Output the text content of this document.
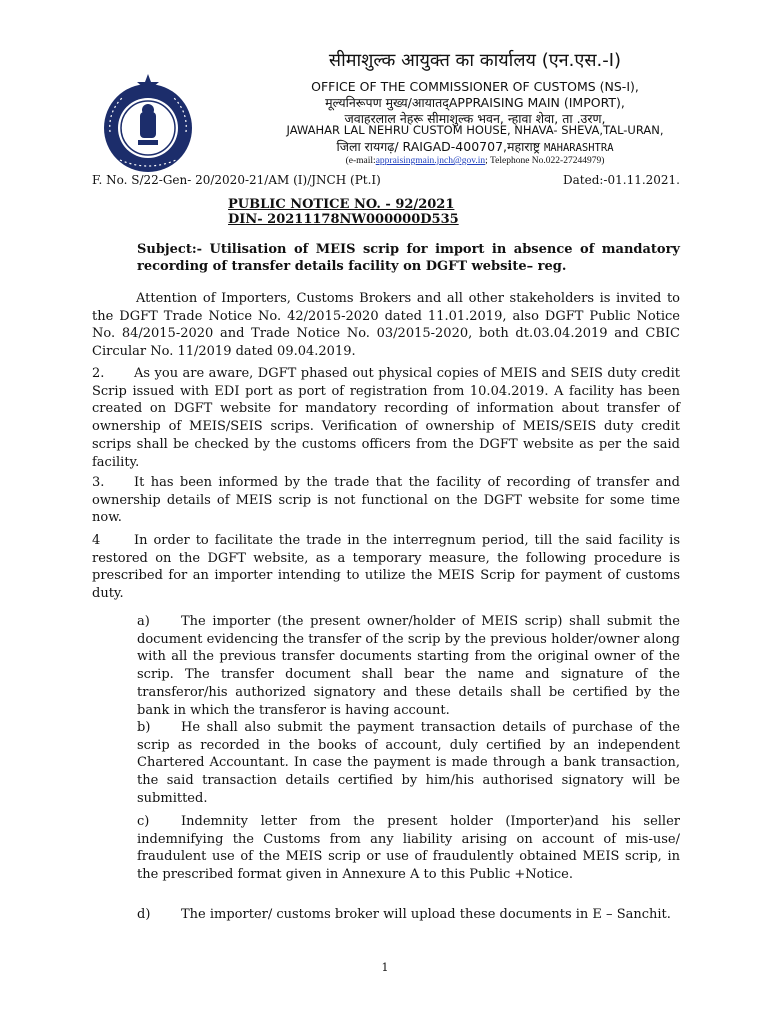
सीमाशुल्क आयुक्त का कार्यालय (एन.एस.-I)
OFFICE OF THE COMMISSIONER OF CUSTOMS (NS-I),
मूल्यनिरूपण मुख्य/आयातद्APPRAISING MAIN (IMPORT),
जवाहरलाल नेहरू सीमाशुल्क भवन, न्हावा शेवा, ता .उरण,
JAWAHAR LAL NEHRU CUSTOM HOUSE, NHAVA- SHEVA,TAL-URAN,
जिला रायगढ़/ RAIGAD-400707,महाराष्ट्र MAHARASHTRA
(e-mail:appraisingmain.jnch@gov.in; Telephone No.022-27244979)
F. No. S/22-Gen- 20/2020-21/AM (I)/JNCH (Pt.I)	Dated:-01.11.2021.
PUBLIC NOTICE NO. - 92/2021
DIN- 20211178NW000000D535
Subject:- Utilisation of MEIS scrip for import in absence of mandatory recording of transfer details facility on DGFT website– reg.
Attention of Importers, Customs Brokers and all other stakeholders is invited to the DGFT Trade Notice No. 42/2015-2020 dated 11.01.2019, also DGFT Public Notice No. 84/2015-2020 and Trade Notice No. 03/2015-2020, both dt.03.04.2019 and CBIC Circular No. 11/2019 dated 09.04.2019.
2. As you are aware, DGFT phased out physical copies of MEIS and SEIS duty credit Scrip issued with EDI port as port of registration from 10.04.2019. A facility has been created on DGFT website for mandatory recording of information about transfer of ownership of MEIS/SEIS scrips. Verification of ownership of MEIS/SEIS duty credit scrips shall be checked by the customs officers from the DGFT website as per the said facility.
3. It has been informed by the trade that the facility of recording of transfer and ownership details of MEIS scrip is not functional on the DGFT website for some time now.
4	In order to facilitate the trade in the interregnum period, till the said facility is restored on the DGFT website, as a temporary measure, the following procedure is prescribed for an importer intending to utilize the MEIS Scrip for payment of customs duty.
a) The importer (the present owner/holder of MEIS scrip) shall submit the document evidencing the transfer of the scrip by the previous holder/owner along with all the previous transfer documents starting from the original owner of the scrip. The transfer document shall bear the name and signature of the transferor/his authorized signatory and these details shall be certified by the bank in which the transferor is having account.
b) He shall also submit the payment transaction details of purchase of the scrip as recorded in the books of account, duly certified by an independent Chartered Accountant. In case the payment is made through a bank transaction, the said transaction details certified by him/his authorised signatory will be submitted.
c) Indemnity letter from the present holder (Importer)and his seller indemnifying the Customs from any liability arising on account of mis-use/ fraudulent use of the MEIS scrip or use of fraudulently obtained MEIS scrip, in the prescribed format given in Annexure A to this Public +Notice.
d) The importer/ customs broker will upload these documents in E – Sanchit.
1
